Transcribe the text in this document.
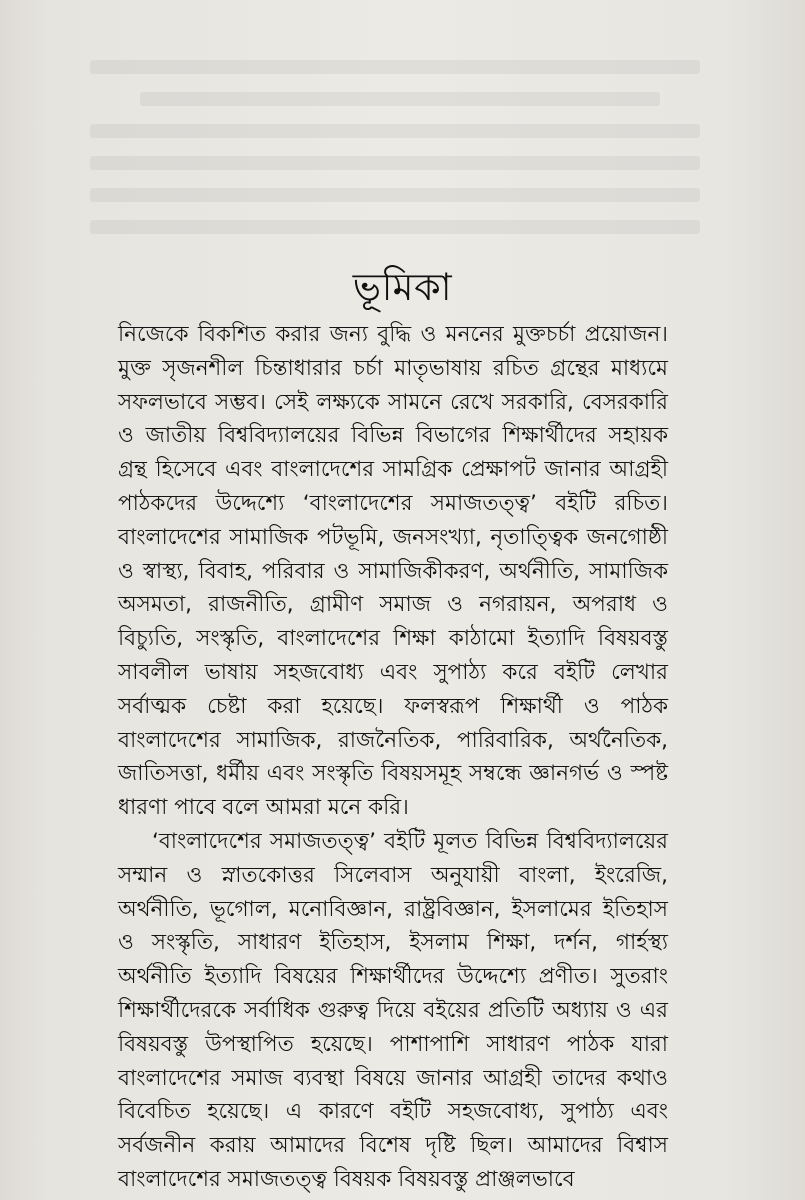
ভূমিকা

নিজেকে বিকশিত করার জন্য বুদ্ধি ও মননের মুক্তচর্চা প্রয়োজন। মুক্ত সৃজনশীল চিন্তাধারার চর্চা মাতৃভাষায় রচিত গ্রন্থের মাধ্যমে সফলভাবে সম্ভব। সেই লক্ষ্যকে সামনে রেখে সরকারি, বেসরকারি ও জাতীয় বিশ্ববিদ্যালয়ের বিভিন্ন বিভাগের শিক্ষার্থীদের সহায়ক গ্রন্থ হিসেবে এবং বাংলাদেশের সামগ্রিক প্রেক্ষাপট জানার আগ্রহী পাঠকদের উদ্দেশ্যে ‘বাংলাদেশের সমাজতত্ত্ব’ বইটি রচিত। বাংলাদেশের সামাজিক পটভূমি, জনসংখ্যা, নৃতাত্ত্বিক জনগোষ্ঠী ও স্বাস্থ্য, বিবাহ, পরিবার ও সামাজিকীকরণ, অর্থনীতি, সামাজিক অসমতা, রাজনীতি, গ্রামীণ সমাজ ও নগরায়ন, অপরাধ ও বিচ্যুতি, সংস্কৃতি, বাংলাদেশের শিক্ষা কাঠামো ইত্যাদি বিষয়বস্তু সাবলীল ভাষায় সহজবোধ্য এবং সুপাঠ্য করে বইটি লেখার সর্বাত্মক চেষ্টা করা হয়েছে। ফলস্বরূপ শিক্ষার্থী ও পাঠক বাংলাদেশের সামাজিক, রাজনৈতিক, পারিবারিক, অর্থনৈতিক, জাতিসত্তা, ধর্মীয় এবং সংস্কৃতি বিষয়সমূহ সম্বন্ধে জ্ঞানগর্ভ ও স্পষ্ট ধারণা পাবে বলে আমরা মনে করি।

‘বাংলাদেশের সমাজতত্ত্ব’ বইটি মূলত বিভিন্ন বিশ্ববিদ্যালয়ের সম্মান ও স্নাতকোত্তর সিলেবাস অনুযায়ী বাংলা, ইংরেজি, অর্থনীতি, ভূগোল, মনোবিজ্ঞান, রাষ্ট্রবিজ্ঞান, ইসলামের ইতিহাস ও সংস্কৃতি, সাধারণ ইতিহাস, ইসলাম শিক্ষা, দর্শন, গার্হস্থ্য অর্থনীতি ইত্যাদি বিষয়ের শিক্ষার্থীদের উদ্দেশ্যে প্রণীত। সুতরাং শিক্ষার্থীদেরকে সর্বাধিক গুরুত্ব দিয়ে বইয়ের প্রতিটি অধ্যায় ও এর বিষয়বস্তু উপস্থাপিত হয়েছে। পাশাপাশি সাধারণ পাঠক যারা বাংলাদেশের সমাজ ব্যবস্থা বিষয়ে জানার আগ্রহী তাদের কথাও বিবেচিত হয়েছে। এ কারণে বইটি সহজবোধ্য, সুপাঠ্য এবং সর্বজনীন করায় আমাদের বিশেষ দৃষ্টি ছিল। আমাদের বিশ্বাস বাংলাদেশের সমাজতত্ত্ব বিষয়ক বিষয়বস্তু প্রাঞ্জলভাবে
